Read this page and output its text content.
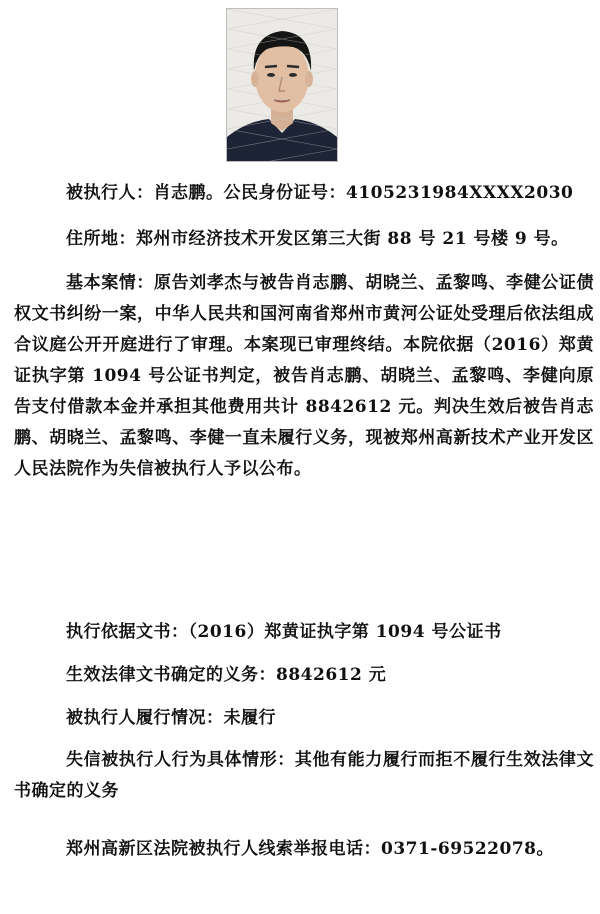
被执行人：肖志鹏。公民身份证号：4105231984XXXX2030

住所地：郑州市经济技术开发区第三大街 88 号 21 号楼 9 号。

基本案情：原告刘孝杰与被告肖志鹏、胡晓兰、孟黎鸣、李健公证债权文书纠纷一案，中华人民共和国河南省郑州市黄河公证处受理后依法组成合议庭公开开庭进行了审理。本案现已审理终结。本院依据（2016）郑黄证执字第 1094 号公证书判定，被告肖志鹏、胡晓兰、孟黎鸣、李健向原告支付借款本金并承担其他费用共计 8842612 元。判决生效后被告肖志鹏、胡晓兰、孟黎鸣、李健一直未履行义务，现被郑州高新技术产业开发区人民法院作为失信被执行人予以公布。

执行依据文书：（2016）郑黄证执字第 1094 号公证书

生效法律文书确定的义务：8842612 元

被执行人履行情况：未履行

失信被执行人行为具体情形：其他有能力履行而拒不履行生效法律文书确定的义务

郑州高新区法院被执行人线索举报电话：0371-69522078。
